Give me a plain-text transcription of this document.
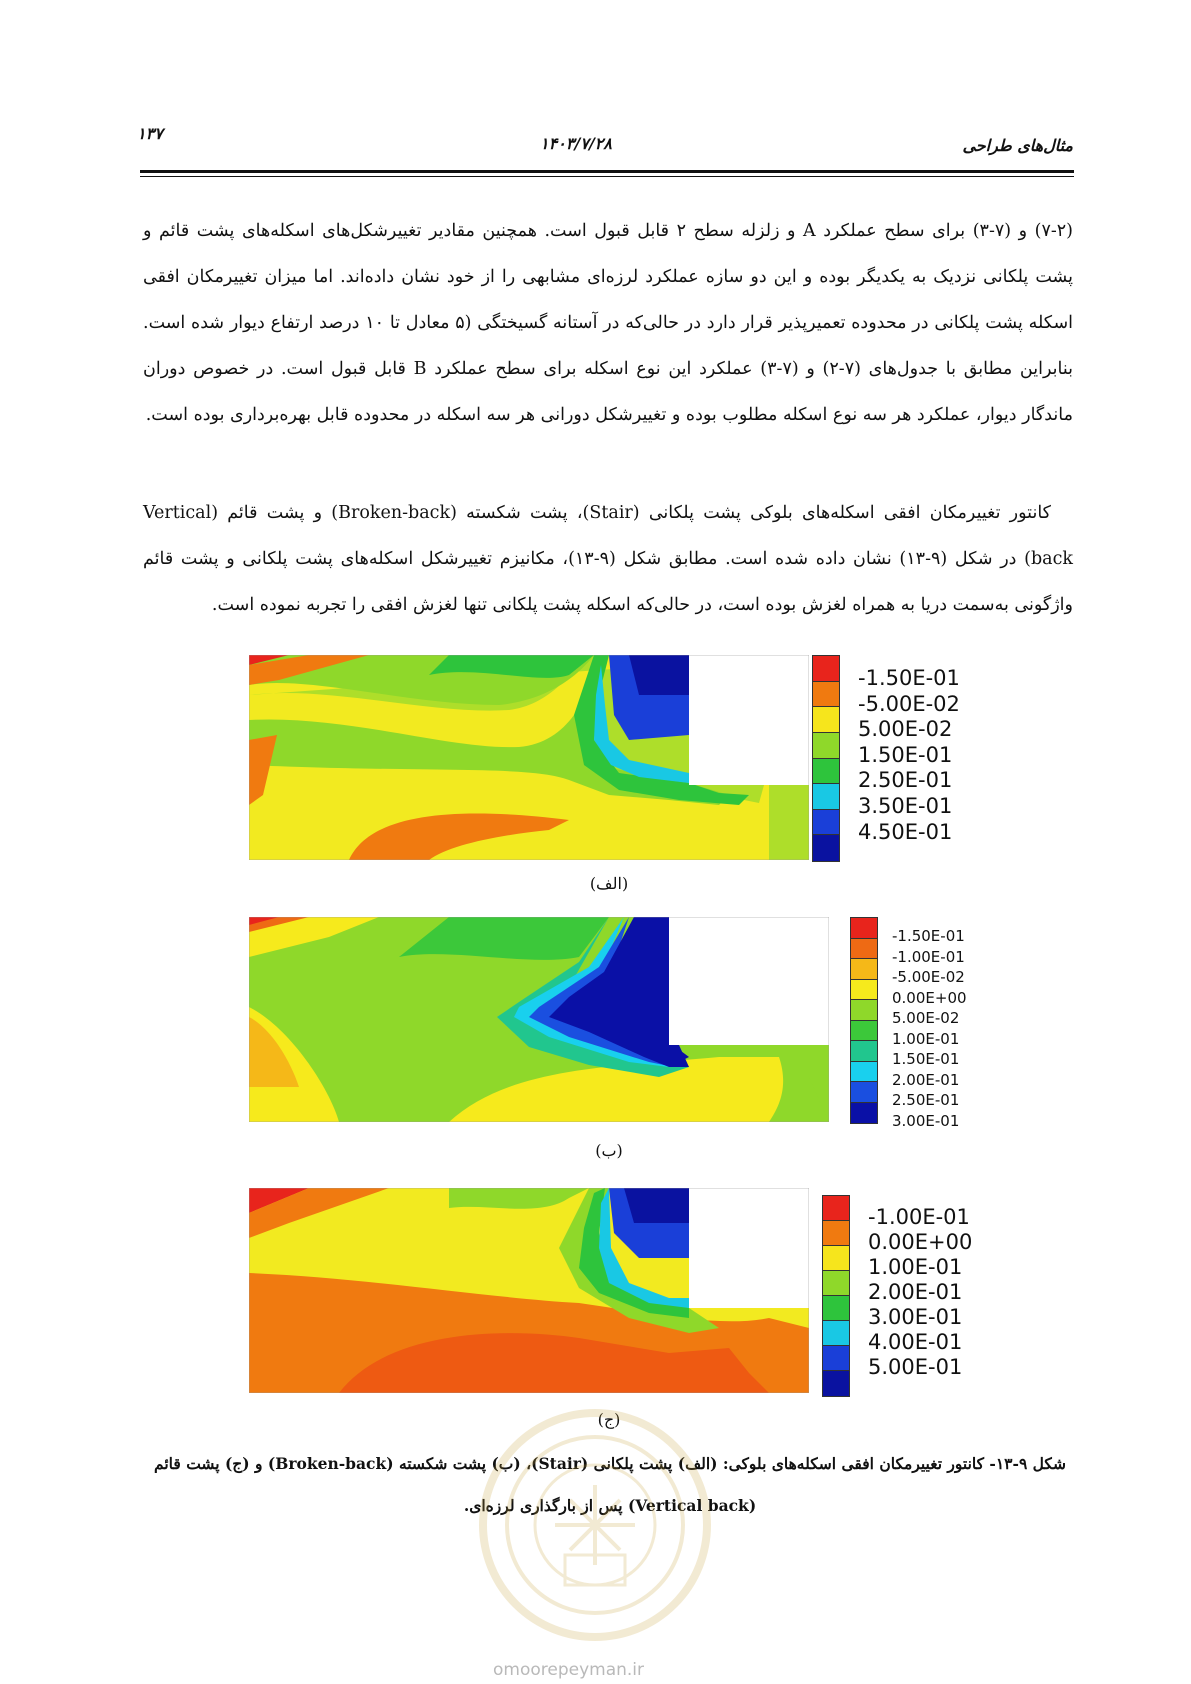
۱۳۷
۱۴۰۳/۷/۲۸	مثال‌های طراحی
(۷-۲) و (۷-۳) برای سطح عملکرد A و زلزله سطح ۲ قابل قبول است. همچنین مقادیر تغییرشکل‌های اسکله‌های پشت قائم و پشت پلکانی نزدیک به یکدیگر بوده و این دو سازه عملکرد لرزه‌ای مشابهی را از خود نشان داده‌اند. اما میزان تغییرمکان افقی اسکله پشت پلکانی در محدوده تعمیرپذیر قرار دارد در حالی‌که در آستانه گسیختگی (۵ معادل تا ۱۰ درصد ارتفاع دیوار شده است. بنابراین مطابق با جدول‌های (۷-۲) و (۷-۳) عملکرد این نوع اسکله برای سطح عملکرد B قابل قبول است. در خصوص دوران ماندگار دیوار، عملکرد هر سه نوع اسکله مطلوب بوده و تغییرشکل دورانی هر سه اسکله در محدوده قابل بهره‌برداری بوده است.
کانتور تغییرمکان افقی اسکله‌های بلوکی پشت پلکانی (Stair)، پشت شکسته (Broken-back) و پشت قائم (Vertical back) در شکل (۹-۱۳) نشان داده شده است. مطابق شکل (۹-۱۳)، مکانیزم تغییرشکل اسکله‌های پشت پلکانی و پشت قائم واژگونی به‌سمت دریا به همراه لغزش بوده است، در حالی‌که اسکله پشت پلکانی تنها لغزش افقی را تجربه نموده است.
-1.50E-01
-5.00E-02
5.00E-02
1.50E-01
2.50E-01
3.50E-01
4.50E-01
(الف)
-1.50E-01
-1.00E-01
-5.00E-02
0.00E+00
5.00E-02
1.00E-01
1.50E-01
2.00E-01
2.50E-01
3.00E-01
(ب)
-1.00E-01
0.00E+00
1.00E-01
2.00E-01
3.00E-01
4.00E-01
5.00E-01
(ج)
شکل ۹-۱۳- کانتور تغییرمکان افقی اسکله‌های بلوکی: (الف) پشت پلکانی (Stair)، (ب) پشت شکسته (Broken-back) و (ج) پشت قائم
(Vertical back) پس از بارگذاری لرزه‌ای.
omoorepeyman.ir
